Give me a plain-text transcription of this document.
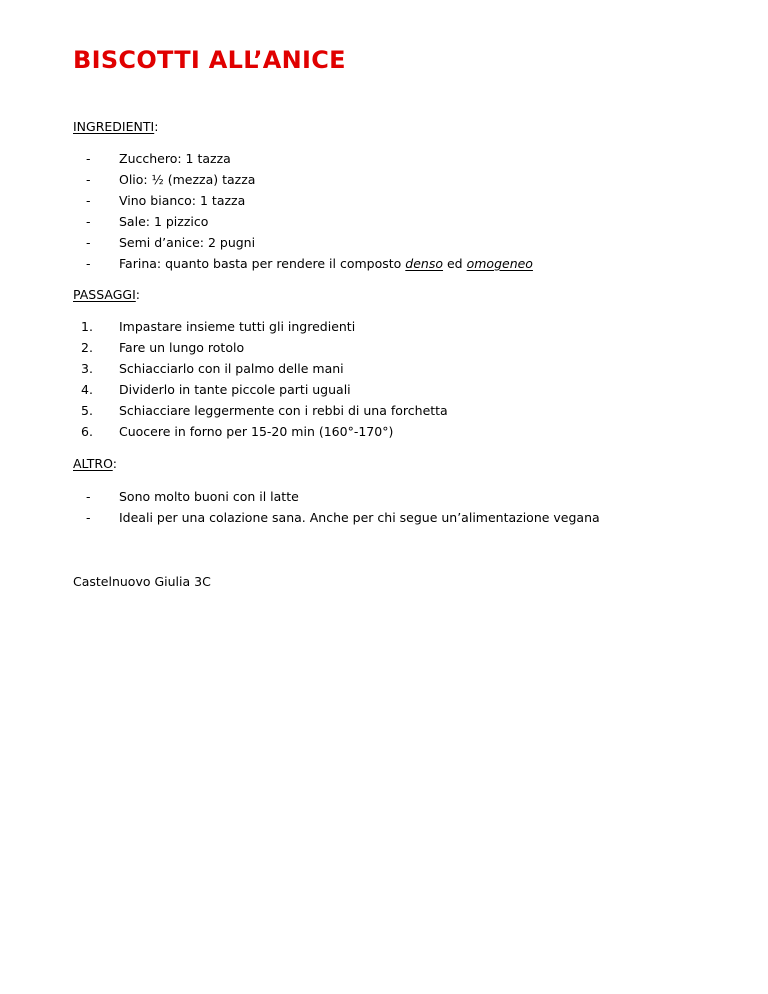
BISCOTTI ALL’ANICE

INGREDIENTI:

- Zucchero: 1 tazza
- Olio: ½ (mezza) tazza
- Vino bianco: 1 tazza
- Sale: 1 pizzico
- Semi d’anice: 2 pugni
- Farina: quanto basta per rendere il composto denso ed omogeneo

PASSAGGI:

1. Impastare insieme tutti gli ingredienti
2. Fare un lungo rotolo
3. Schiacciarlo con il palmo delle mani
4. Dividerlo in tante piccole parti uguali
5. Schiacciare leggermente con i rebbi di una forchetta
6. Cuocere in forno per 15-20 min (160°-170°)

ALTRO:

- Sono molto buoni con il latte
- Ideali per una colazione sana. Anche per chi segue un’alimentazione vegana

Castelnuovo Giulia 3C
